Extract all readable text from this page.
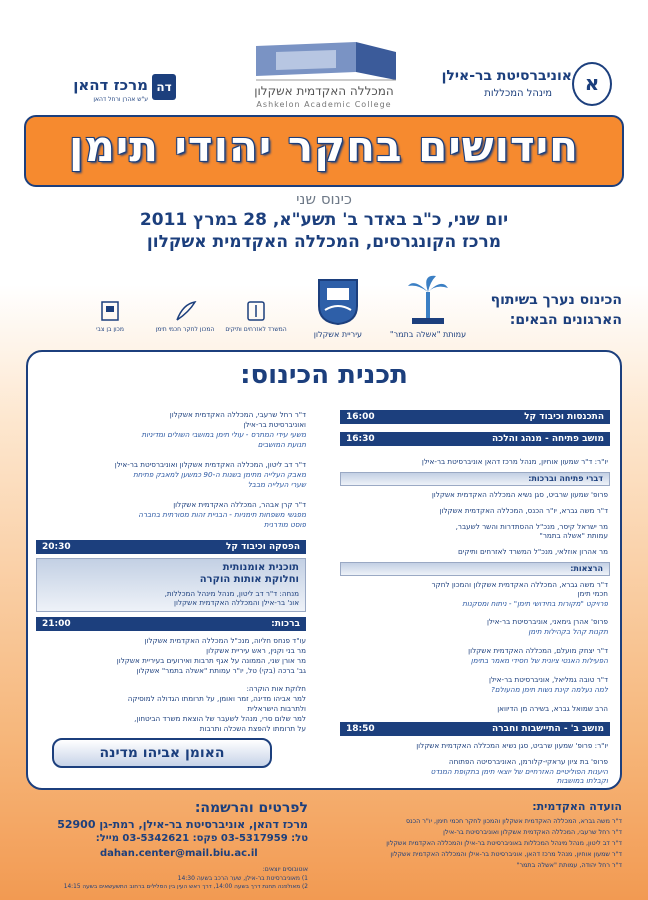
א
אוניברסיטת בר-אילן
מינהל המכללות
המכללה האקדמית אשקלון
Ashkelon Academic College
דה
מרכז דהאן
ע"ש אהרן ורחל דהאן
חידושים בחקר יהודי תימן
כינוס שני
יום שני, כ"ב באדר ב' תשע"א, 28 במרץ 2011
מרכז הקונגרסים, המכללה האקדמית אשקלון
הכינוס נערך בשיתוף
הארגונים הבאים:
עמותת "אשלה בתמר"
עיריית אשקלון
המשרד לאזרחים ותיקים
המכון לחקר חכמי תימן
מכון בן צבי
תכנית הכינוס:
16:00	התכנסות וכיבוד קל
16:30	מושב פתיחה - מנהג והלכה
יו"ר: ד"ר שמעון אוחיון, מנהל מרכז דהאן אוניברסיטת בר-אילן
דברי פתיחה וברכות:
פרופ' שמעון שרביט, סגן נשיא המכללה האקדמית אשקלון
ד"ר משה גברא, יו"ר הכנס, המכללה האקדמית אשקלון
מר ישראל קיסר, מנכ"ל ההסתדרות והשר לשעבר,
עמותת "אשלה בתמר"
מר אהרון אוזלאי, מנכ"ל המשרד לאזרחים ותיקים
הרצאות:
ד"ר משה גברא, המכללה האקדמית אשקלון והמכון לחקר
חכמי תימן
פרויקט "מקורות בחידושי תימן" - ניתוח ומסקנות
פרופ' אהרן גימאני, אוניברסיטת בר-אילן
תקנות קהל בקהילות תימן
ד"ר יצחק מועלם, המכללה האקדמית אשקלון
הפעילות האנטי ציונית של חסידי מאמר בתימן
ד"ר טובה גמליאל, אוניברסיטת בר-אילן
למה נעלמה קינת נשות תימן מהעולם?
הרב שמואל גברא, בשירה מן הדיוואן
18:50	מושב ב' - התיישבות וחברה
יו"ר: פרופ' שמעון שרביט, סגן נשיא המכללה האקדמית אשקלון
פרופ' בת ציון עראקי-קלורמן, האוניברסיטה הפתוחה
היענות הפוליטיים האזרחיים של יוצאי תימן בתקופת המנדט
וקבלתו במושבות
ד"ר רחל שרעבי, המכללה האקדמית אשקלון
ואוניברסיטת בר-אילן
משעי עידי המתרס - עולי תימן במושבי השולים ומדיניות
תנועת המושבים
ד"ר דב ליטון, המכללה האקדמית אשקלון ואוניברסיטת בר-אילן
מאבק העלייה מתימן בשנות ה-90 כמשען למאבק פתיחת
שערי העלייה מבבל
ד"ר קרן אבהר, המכללה האקדמית אשקלון
מפגשי משפחות תימניות - הבניית זהות מסורתית בחברה
פוסט מודרנית
20:30	הפסקה וכיבוד קל
תוכנית אומנותית
וחלוקת אותות הוקרה
מנחה: ד"ר דב ליטון, מנהל מינהל המכללות,
אונ' בר-אילן והמכללה האקדמית אשקלון
21:00	ברכות:
עו"ד פנחס חליוה, מנכ"ל המכללה האקדמית אשקלון
מר בני וקנין, ראש עיריית אשקלון
מר אורן שני, הממונה על אגף תרבות ואירועים בעיריית אשקלון
גב' ברכה (בקי) טל, יו"ר עמותת "אשלה בתמר" אשקלון
חלוקת אות הוקרה:
למר אביהו מדינה, זמר ואומן, על תרומתו הגדולה למוסיקה
ולתרבות הישראלית
למר שלום סרי, מנהל לשעבר של הוצאת משרד הביטחון,
על תרומתו להפצת השכלה ותרבות
האומן אביהו מדינה
הועדה האקדמית:
ד"ר משה גברא, המכללה האקדמית אשקלון והמכון לחקר חכמי תימן, יו"ר הכנס
ד"ר רחל שרעבי, המכללה האקדמית אשקלון ואוניברסיטת בר-אילן
ד"ר דב ליטון, מנהל מינהל המכללות באוניברסיטת בר-אילן והמכללה האקדמית אשקלון
ד"ר שמעון אוחיון, מנהל מרכז דהאן, אוניברסיטת בר-אילן והמכללה האקדמית אשקלון
ד"ר רחל יהודה, עמותת "אשלה בתמר"
לפרטים והרשמה:
מרכז דהאן, אוניברסיטת בר-אילן, רמת-גן 52900
טל: 03-5317959 פקס: 03-5342621 מייל:
dahan.center@mail.biu.ac.il
אוטובוסים יוצאים:
1) מאוניברסיטת בר-אילן, שער הרכב בשעה 14:30
2) מאולפנה תחנת דרך בשעה 14:00, דרך ראש העין בין הסלילים ברחוב התשעשאים בשעה 14:15
